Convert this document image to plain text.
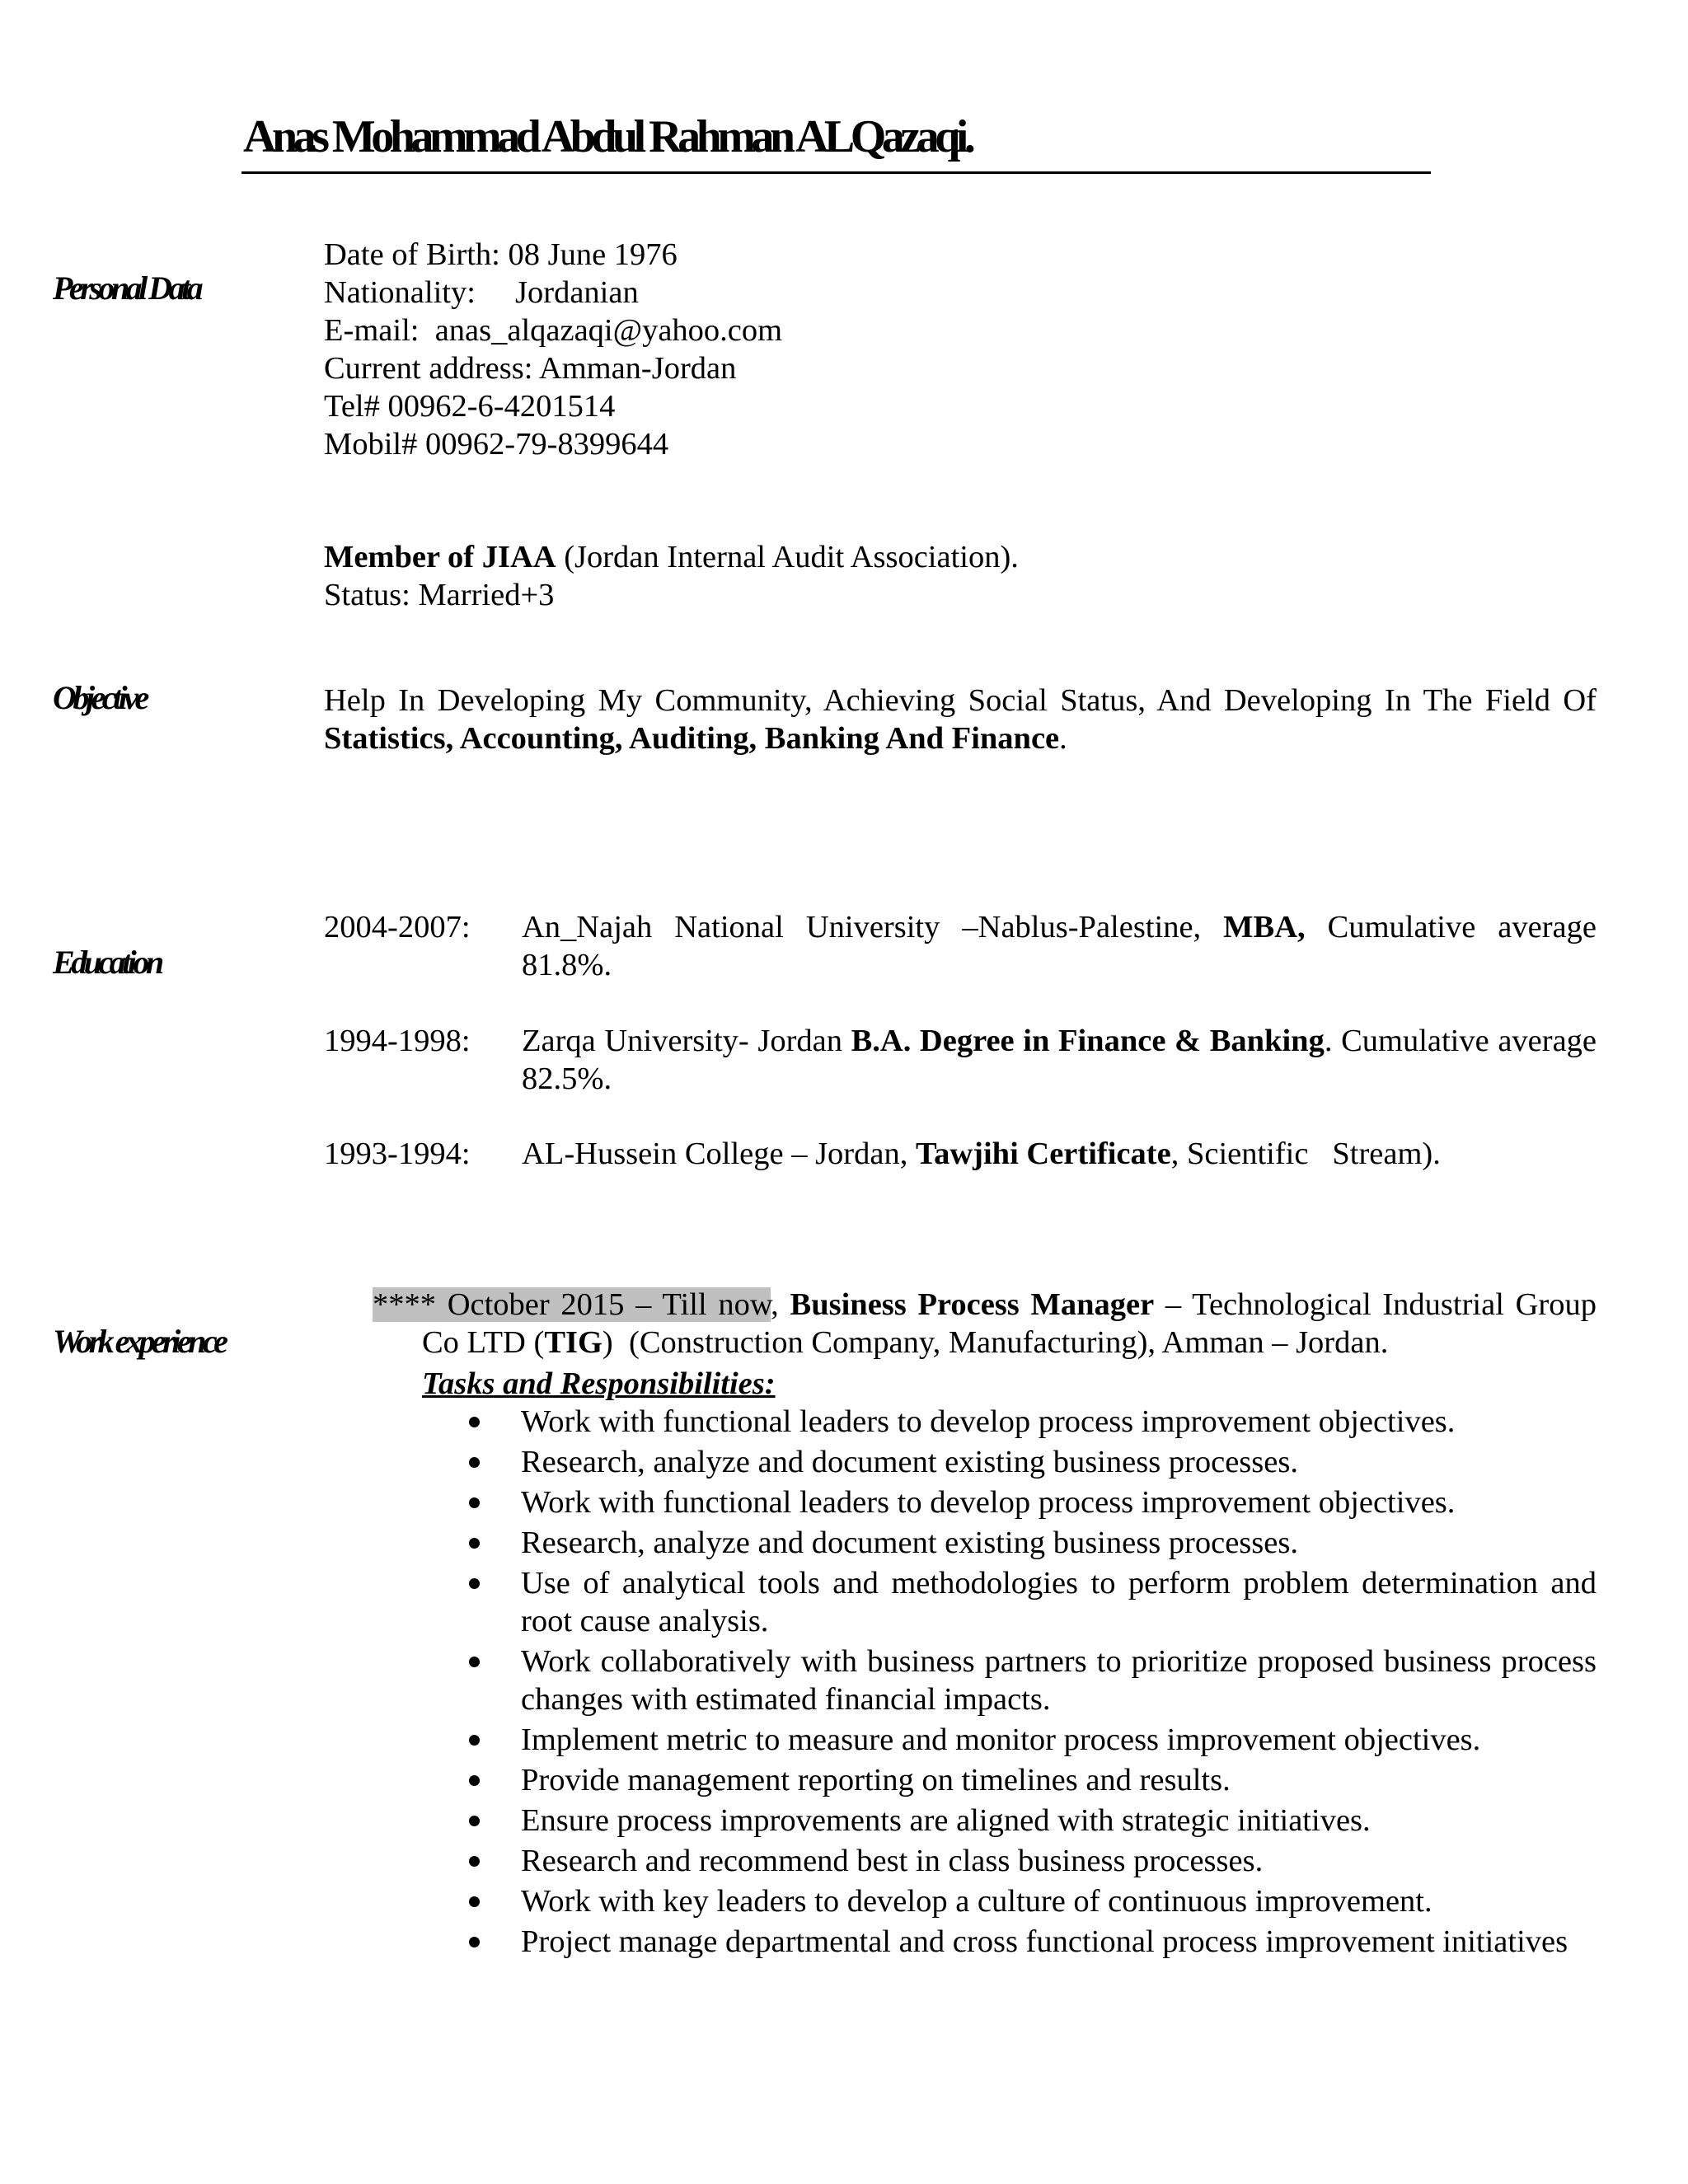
Anas Mohammad Abdul Rahman ALQazaqi.
Personal Data
Objective
Education
Work experience
Date of Birth: 08 June 1976
Nationality:     Jordanian
E-mail:  anas_alqazaqi@yahoo.com
Current address: Amman-Jordan
Tel# 00962-6-4201514
Mobil# 00962-79-8399644
Member of JIAA (Jordan Internal Audit Association).
Status: Married+3
Help In Developing My Community, Achieving Social Status, And Developing In The Field Of Statistics, Accounting, Auditing, Banking And Finance.
2004-2007:	An_Najah National University –Nablus-Palestine, MBA, Cumulative average 81.8%.
1994-1998:	Zarqa University- Jordan B.A. Degree in Finance & Banking. Cumulative average 82.5%.
1993-1994:	AL-Hussein College – Jordan, Tawjihi Certificate, Scientific   Stream).
**** October 2015 – Till now, Business Process Manager – Technological Industrial Group Co LTD (TIG)  (Construction Company, Manufacturing), Amman – Jordan.
Tasks and Responsibilities:
Work with functional leaders to develop process improvement objectives.
Research, analyze and document existing business processes.
Work with functional leaders to develop process improvement objectives.
Research, analyze and document existing business processes.
Use of analytical tools and methodologies to perform problem determination and root cause analysis.
Work collaboratively with business partners to prioritize proposed business process changes with estimated financial impacts.
Implement metric to measure and monitor process improvement objectives.
Provide management reporting on timelines and results.
Ensure process improvements are aligned with strategic initiatives.
Research and recommend best in class business processes.
Work with key leaders to develop a culture of continuous improvement.
Project manage departmental and cross functional process improvement initiatives
